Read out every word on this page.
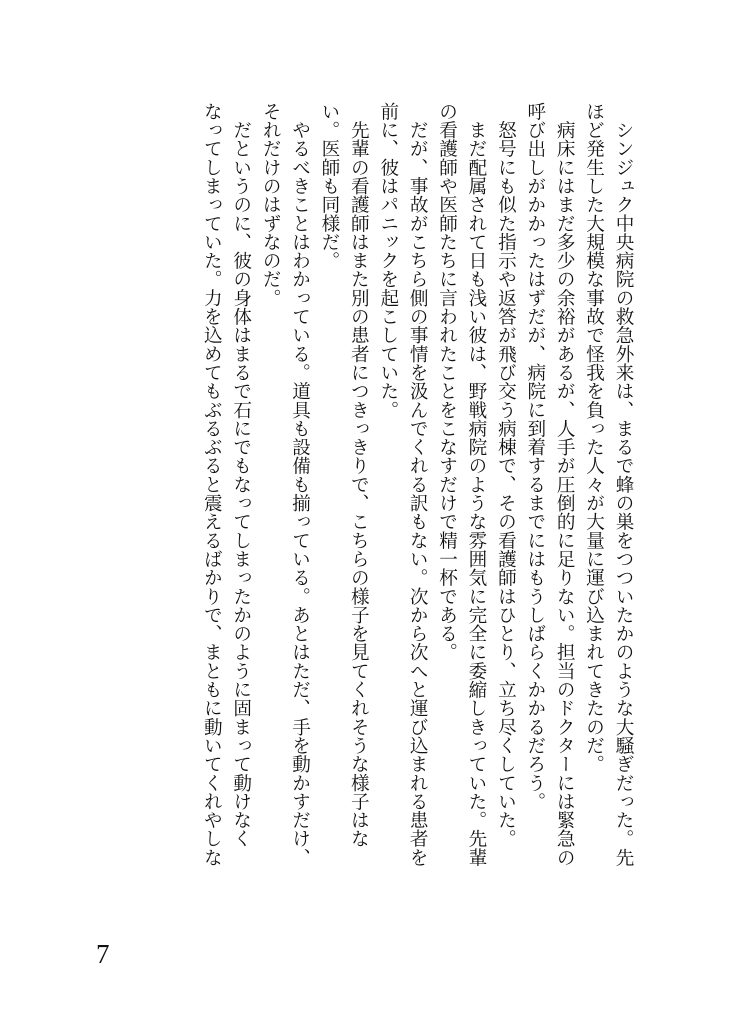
　シンジュク中央病院の救急外来は、まるで蜂の巣をつついたかのような大騒ぎだった。先

ほど発生した大規模な事故で怪我を負った人々が大量に運び込まれてきたのだ。

　病床にはまだ多少の余裕があるが、人手が圧倒的に足りない。担当のドクターには緊急の

呼び出しがかかったはずだが、病院に到着するまでにはもうしばらくかかるだろう。

　怒号にも似た指示や返答が飛び交う病棟で、その看護師はひとり、立ち尽くしていた。

　まだ配属されて日も浅い彼は、野戦病院のような雰囲気に完全に委縮しきっていた。先輩

の看護師や医師たちに言われたことをこなすだけで精一杯である。

　だが、事故がこちら側の事情を汲んでくれる訳もない。次から次へと運び込まれる患者を

前に、彼はパニックを起こしていた。

　先輩の看護師はまた別の患者につきっきりで、こちらの様子を見てくれそうな様子はな

い。医師も同様だ。

　やるべきことはわかっている。道具も設備も揃っている。あとはただ、手を動かすだけ、

それだけのはずなのだ。

　だというのに、彼の身体はまるで石にでもなってしまったかのように固まって動けなく

なってしまっていた。力を込めてもぶるぶると震えるばかりで、まともに動いてくれやしな

7
